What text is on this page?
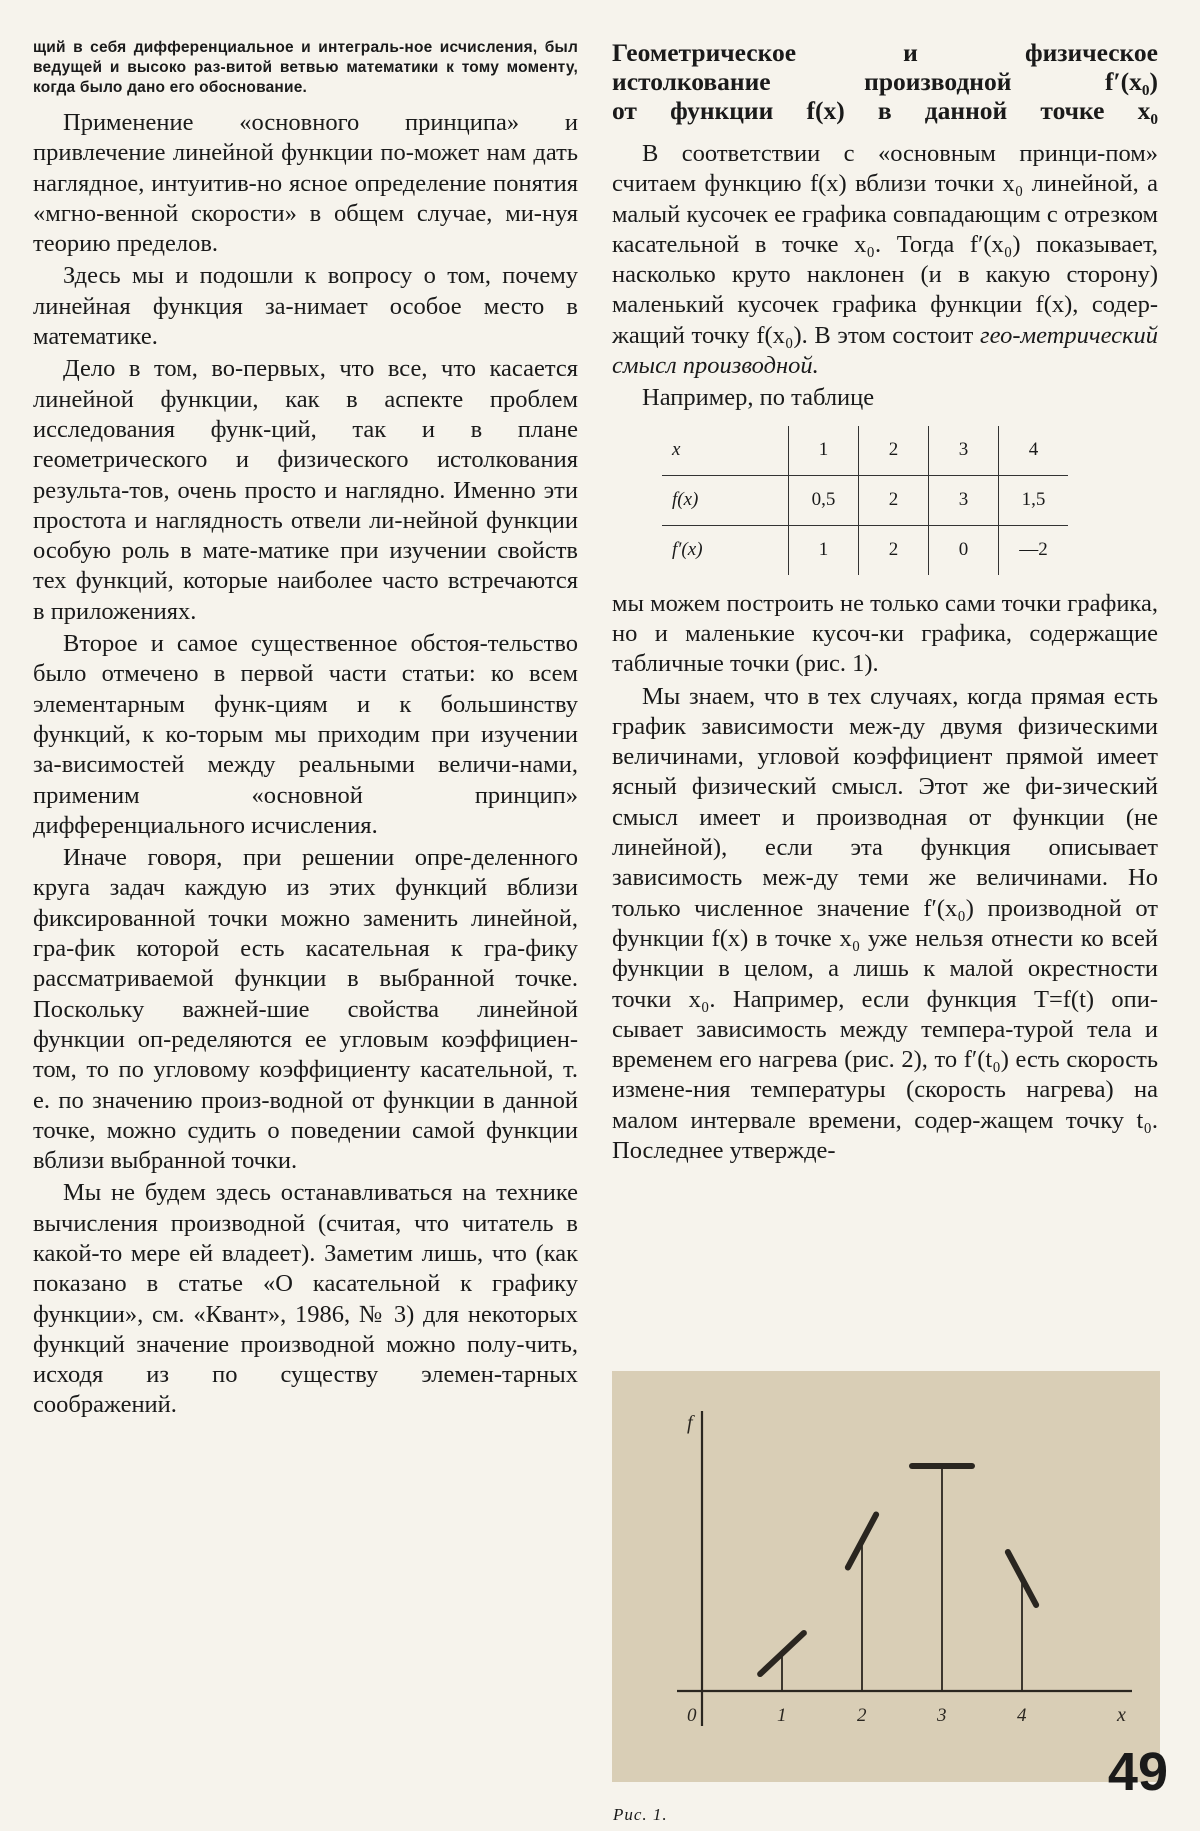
щий в себя дифференциальное и интеграль-ное исчисления, был ведущей и высоко раз-витой ветвью математики к тому моменту, когда было дано его обоснование.

Применение «основного принципа» и привлечение линейной функции по-может нам дать наглядное, интуитив-но ясное определение понятия «мгно-венной скорости» в общем случае, ми-нуя теорию пределов.

Здесь мы и подошли к вопросу о том, почему линейная функция за-нимает особое место в математике.

Дело в том, во-первых, что все, что касается линейной функции, как в аспекте проблем исследования функ-ций, так и в плане геометрического и физического истолкования результа-тов, очень просто и наглядно. Именно эти простота и наглядность отвели ли-нейной функции особую роль в мате-матике при изучении свойств тех функций, которые наиболее часто встречаются в приложениях.

Второе и самое существенное обстоя-тельство было отмечено в первой части статьи: ко всем элементарным функ-циям и к большинству функций, к ко-торым мы приходим при изучении за-висимостей между реальными величи-нами, применим «основной принцип» дифференциального исчисления.

Иначе говоря, при решении опре-деленного круга задач каждую из этих функций вблизи фиксированной точки можно заменить линейной, гра-фик которой есть касательная к гра-фику рассматриваемой функции в выбранной точке. Поскольку важней-шие свойства линейной функции оп-ределяются ее угловым коэффициен-том, то по угловому коэффициенту касательной, т. е. по значению произ-водной от функции в данной точке, можно судить о поведении самой функции вблизи выбранной точки.

Мы не будем здесь останавливаться на технике вычисления производной (считая, что читатель в какой-то мере ей владеет). Заметим лишь, что (как показано в статье «О касательной к графику функции», см. «Квант», 1986, № 3) для некоторых функций значение производной можно полу-чить, исходя из по существу элемен-тарных соображений.

Геометрическое и физическое
истолкование производной f′(x₀)
от функции f(x) в данной точке x₀

В соответствии с «основным принци-пом» считаем функцию f(x) вблизи точки x₀ линейной, а малый кусочек ее графика совпадающим с отрезком касательной в точке x₀. Тогда f′(x₀) показывает, насколько круто наклонен (и в какую сторону) маленький кусочек графика функции f(x), содер-жащий точку f(x₀). В этом состоит гео-метрический смысл производной.

Например, по таблице

x	1	2	3	4
f(x)	0,5	2	3	1,5
f′(x)	1	2	0	—2

мы можем построить не только сами точки графика, но и маленькие кусоч-ки графика, содержащие табличные точки (рис. 1).

Мы знаем, что в тех случаях, когда прямая есть график зависимости меж-ду двумя физическими величинами, угловой коэффициент прямой имеет ясный физический смысл. Этот же фи-зический смысл имеет и производная от функции (не линейной), если эта функция описывает зависимость меж-ду теми же величинами. Но только численное значение f′(x₀) производной от функции f(x) в точке x₀ уже нельзя отнести ко всей функции в целом, а лишь к малой окрестности точки x₀. Например, если функция T=f(t) опи-сывает зависимость между темпера-турой тела и временем его нагрева (рис. 2), то f′(t₀) есть скорость измене-ния температуры (скорость нагрева) на малом интервале времени, содер-жащем точку t₀. Последнее утвержде-

x
f
0	1	2	3	4
Рис. 1.
49
